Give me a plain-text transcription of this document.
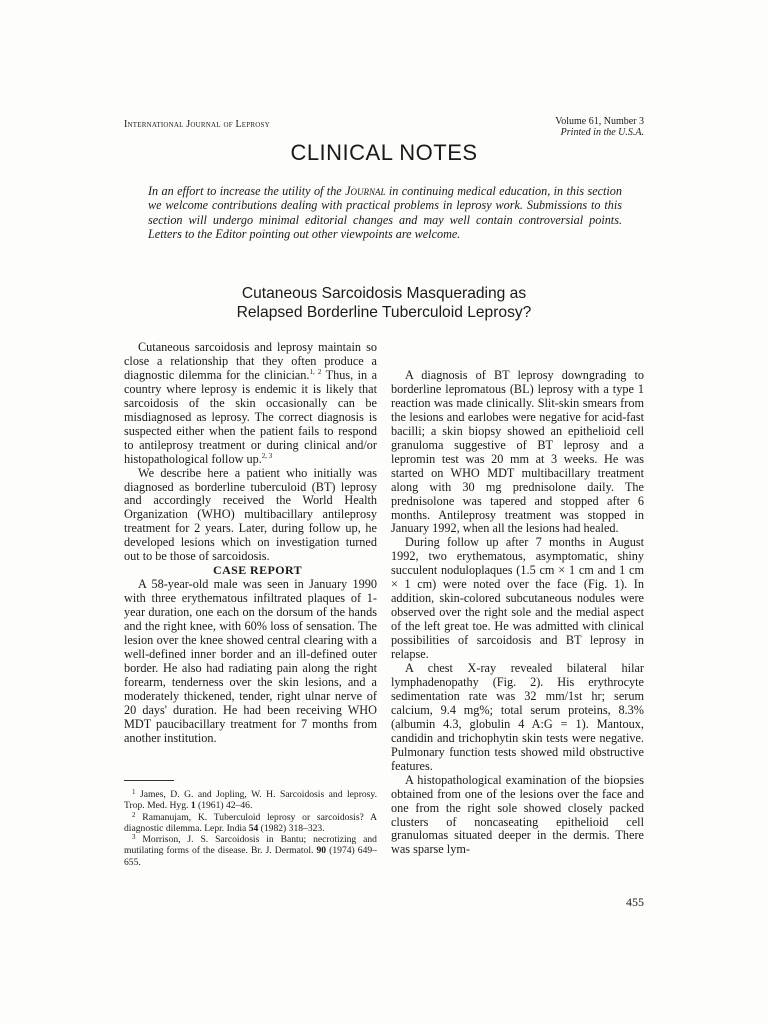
International Journal of Leprosy	Volume 61, Number 3
Printed in the U.S.A.
CLINICAL NOTES
In an effort to increase the utility of the Journal in continuing medical education, in this section we welcome contributions dealing with practical problems in leprosy work. Submissions to this section will undergo minimal editorial changes and may well contain controversial points. Letters to the Editor pointing out other viewpoints are welcome.
Cutaneous Sarcoidosis Masquerading as
Relapsed Borderline Tuberculoid Leprosy?

Cutaneous sarcoidosis and leprosy maintain so close a relationship that they often produce a diagnostic dilemma for the clinician.$^{1, 2}$ Thus, in a country where leprosy is endemic it is likely that sarcoidosis of the skin occasionally can be misdiagnosed as leprosy. The correct diagnosis is suspected either when the patient fails to respond to antileprosy treatment or during clinical and/or histopathological follow up.$^{2, 3}$

We describe here a patient who initially was diagnosed as borderline tuberculoid (BT) leprosy and accordingly received the World Health Organization (WHO) multibacillary antileprosy treatment for 2 years. Later, during follow up, he developed lesions which on investigation turned out to be those of sarcoidosis.

CASE REPORT

A 58-year-old male was seen in January 1990 with three erythematous infiltrated plaques of 1-year duration, one each on the dorsum of the hands and the right knee, with 60% loss of sensation. The lesion over the knee showed central clearing with a well-defined inner border and an ill-defined outer border. He also had radiating pain along the right forearm, tenderness over the skin lesions, and a moderately thickened, tender, right ulnar nerve of 20 days' duration. He had been receiving WHO MDT paucibacillary treatment for 7 months from another institution.

A diagnosis of BT leprosy downgrading to borderline lepromatous (BL) leprosy with a type 1 reaction was made clinically. Slit-skin smears from the lesions and earlobes were negative for acid-fast bacilli; a skin biopsy showed an epithelioid cell granuloma suggestive of BT leprosy and a lepromin test was 20 mm at 3 weeks. He was started on WHO MDT multibacillary treatment along with 30 mg prednisolone daily. The prednisolone was tapered and stopped after 6 months. Antileprosy treatment was stopped in January 1992, when all the lesions had healed.

During follow up after 7 months in August 1992, two erythematous, asymptomatic, shiny succulent noduloplaques (1.5 cm × 1 cm and 1 cm × 1 cm) were noted over the face (Fig. 1). In addition, skin-colored subcutaneous nodules were observed over the right sole and the medial aspect of the left great toe. He was admitted with clinical possibilities of sarcoidosis and BT leprosy in relapse.

A chest X-ray revealed bilateral hilar lymphadenopathy (Fig. 2). His erythrocyte sedimentation rate was 32 mm/1st hr; serum calcium, 9.4 mg%; total serum proteins, 8.3% (albumin 4.3, globulin 4 A:G = 1). Mantoux, candidin and trichophytin skin tests were negative. Pulmonary function tests showed mild obstructive features.

A histopathological examination of the biopsies obtained from one of the lesions over the face and one from the right sole showed closely packed clusters of noncaseating epithelioid cell granulomas situated deeper in the dermis. There was sparse lym-

$^1$ James, D. G. and Jopling, W. H. Sarcoidosis and leprosy. Trop. Med. Hyg. 1 (1961) 42–46.

$^2$ Ramanujam, K. Tuberculoid leprosy or sarcoidosis? A diagnostic dilemma. Lepr. India 54 (1982) 318–323.

$^3$ Morrison, J. S. Sarcoidosis in Bantu; necrotizing and mutilating forms of the disease. Br. J. Dermatol. 90 (1974) 649–655.

455
